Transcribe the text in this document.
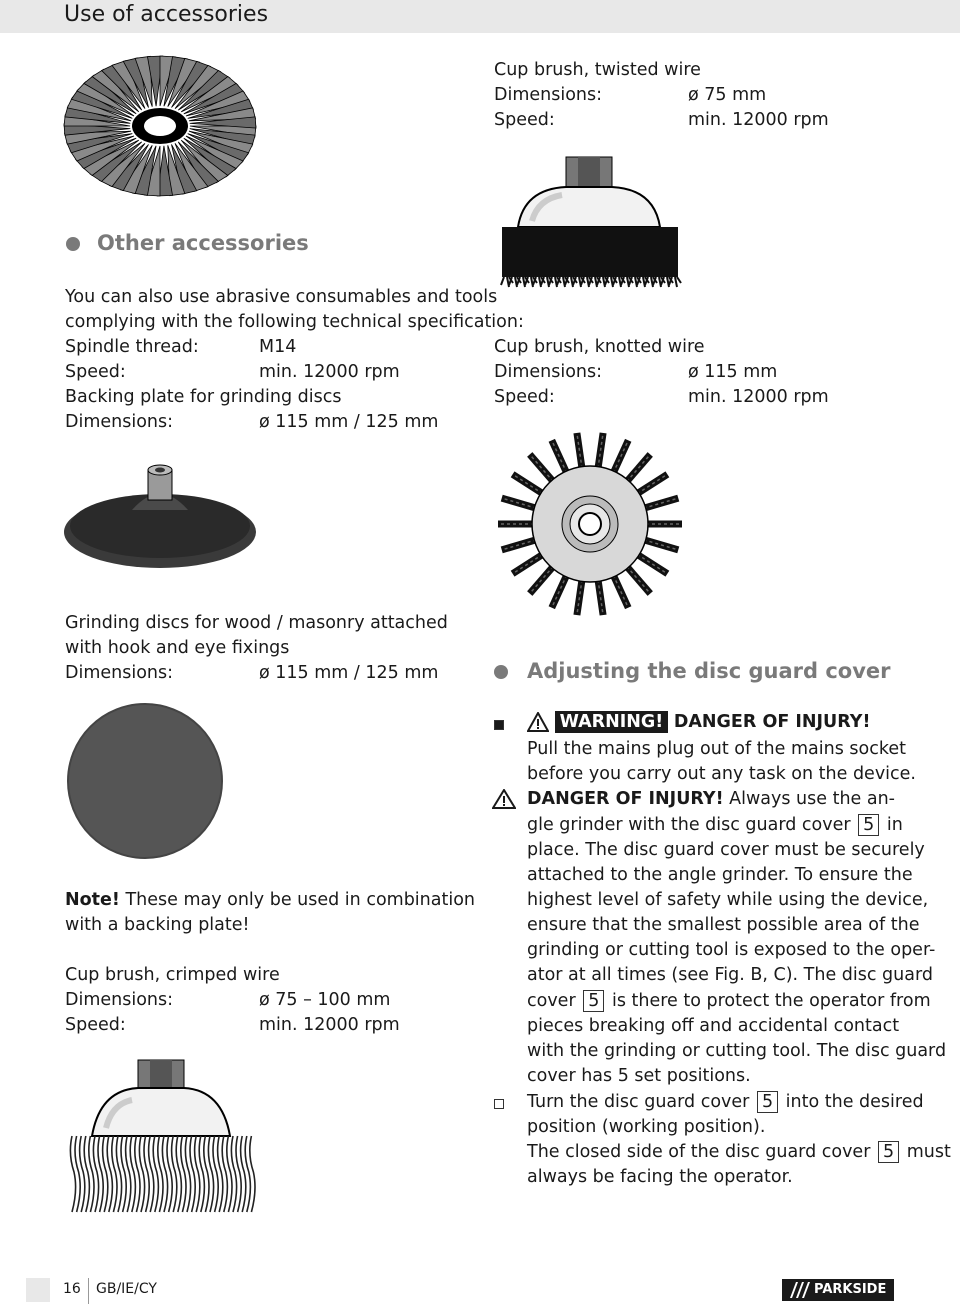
Use of accessories
Other accessories
You can also use abrasive consumables and tools
complying with the following technical specification:
Spindle thread:	M14
Speed:	min. 12000 rpm
Backing plate for grinding discs
Dimensions:	ø 115 mm / 125 mm
Grinding discs for wood / masonry attached
with hook and eye fixings
Dimensions:	ø 115 mm / 125 mm
Note! These may only be used in combination
with a backing plate!
Cup brush, crimped wire
Dimensions:	ø 75 – 100 mm
Speed:	min. 12000 rpm
Cup brush, twisted wire
Dimensions:	ø 75 mm
Speed:	min. 12000 rpm
Cup brush, knotted wire
Dimensions:	ø 115 mm
Speed:	min. 12000 rpm
Adjusting the disc guard cover
WARNING! DANGER OF INJURY!
Pull the mains plug out of the mains socket
before you carry out any task on the device.
DANGER OF INJURY! Always use the an-
gle grinder with the disc guard cover 5 in
place. The disc guard cover must be securely
attached to the angle grinder. To ensure the
highest level of safety while using the device,
ensure that the smallest possible area of the
grinding or cutting tool is exposed to the oper-
ator at all times (see Fig. B, C). The disc guard
cover 5 is there to protect the operator from
pieces breaking off and accidental contact
with the grinding or cutting tool. The disc guard
cover has 5 set positions.
Turn the disc guard cover 5 into the desired
position (working position).
The closed side of the disc guard cover 5 must
always be facing the operator.
16 GB/IE/CY	PARKSIDE
